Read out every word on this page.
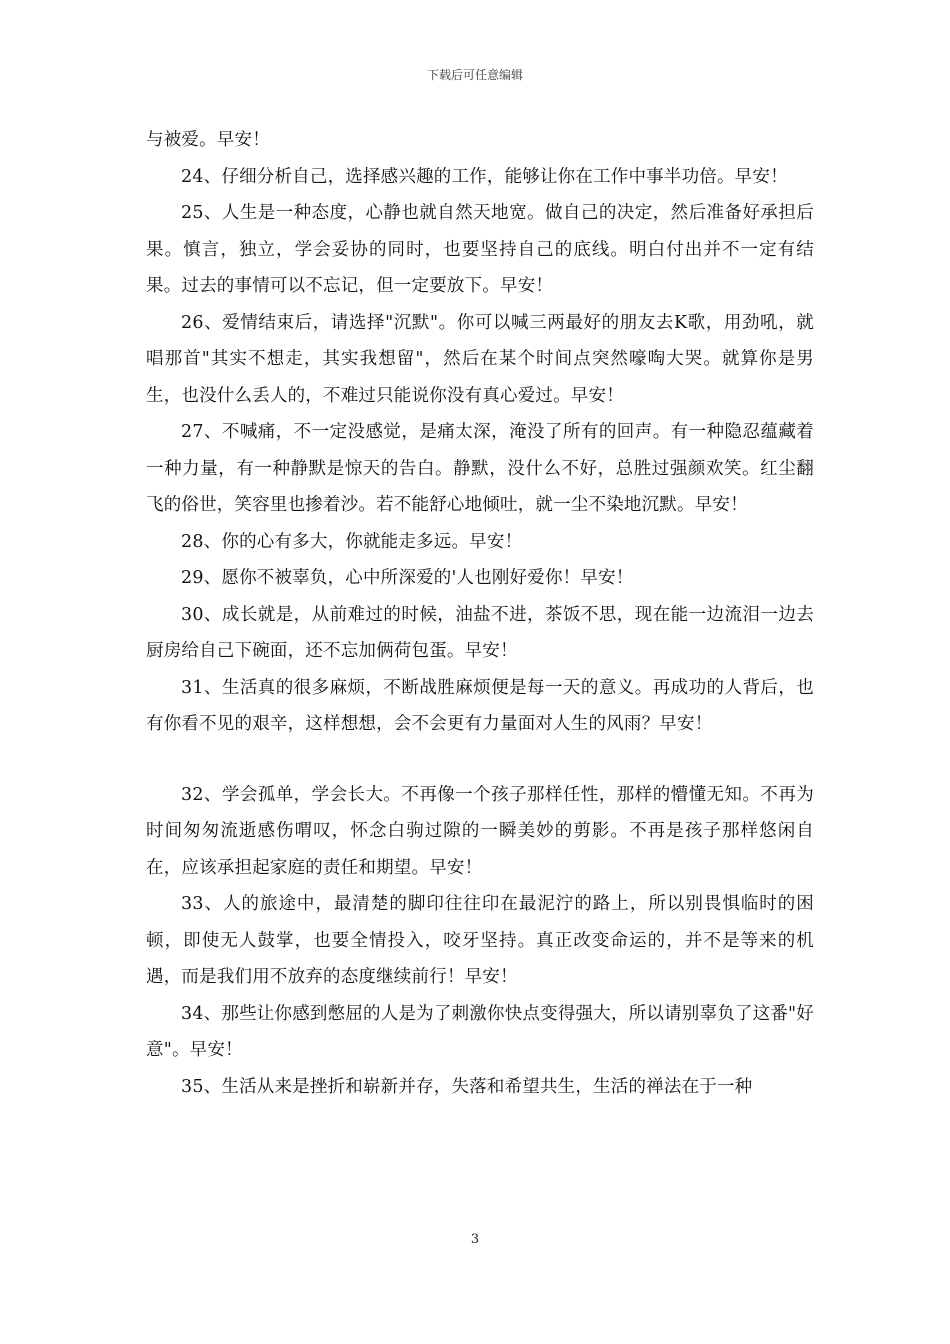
下载后可任意编辑

与被爱。早安！

24、仔细分析自己，选择感兴趣的工作，能够让你在工作中事半功倍。早安！

25、人生是一种态度，心静也就自然天地宽。做自己的决定，然后准备好承担后果。慎言，独立，学会妥协的同时，也要坚持自己的底线。明白付出并不一定有结果。过去的事情可以不忘记，但一定要放下。早安！

26、爱情结束后，请选择"沉默"。你可以喊三两最好的朋友去K歌，用劲吼，就唱那首"其实不想走，其实我想留"，然后在某个时间点突然嚎啕大哭。就算你是男生，也没什么丢人的，不难过只能说你没有真心爱过。早安！

27、不喊痛，不一定没感觉，是痛太深，淹没了所有的回声。有一种隐忍蕴藏着一种力量，有一种静默是惊天的告白。静默，没什么不好，总胜过强颜欢笑。红尘翻飞的俗世，笑容里也掺着沙。若不能舒心地倾吐，就一尘不染地沉默。早安！

28、你的心有多大，你就能走多远。早安！

29、愿你不被辜负，心中所深爱的'人也刚好爱你！早安！

30、成长就是，从前难过的时候，油盐不进，茶饭不思，现在能一边流泪一边去厨房给自己下碗面，还不忘加俩荷包蛋。早安！

31、生活真的很多麻烦，不断战胜麻烦便是每一天的意义。再成功的人背后，也有你看不见的艰辛，这样想想，会不会更有力量面对人生的风雨？早安！

32、学会孤单，学会长大。不再像一个孩子那样任性，那样的懵懂无知。不再为时间匆匆流逝感伤喟叹，怀念白驹过隙的一瞬美妙的剪影。不再是孩子那样悠闲自在，应该承担起家庭的责任和期望。早安！

33、人的旅途中，最清楚的脚印往往印在最泥泞的路上，所以别畏惧临时的困顿，即使无人鼓掌，也要全情投入，咬牙坚持。真正改变命运的，并不是等来的机遇，而是我们用不放弃的态度继续前行！早安！

34、那些让你感到憋屈的人是为了刺激你快点变得强大，所以请别辜负了这番"好意"。早安！

35、生活从来是挫折和崭新并存，失落和希望共生，生活的禅法在于一种

3
